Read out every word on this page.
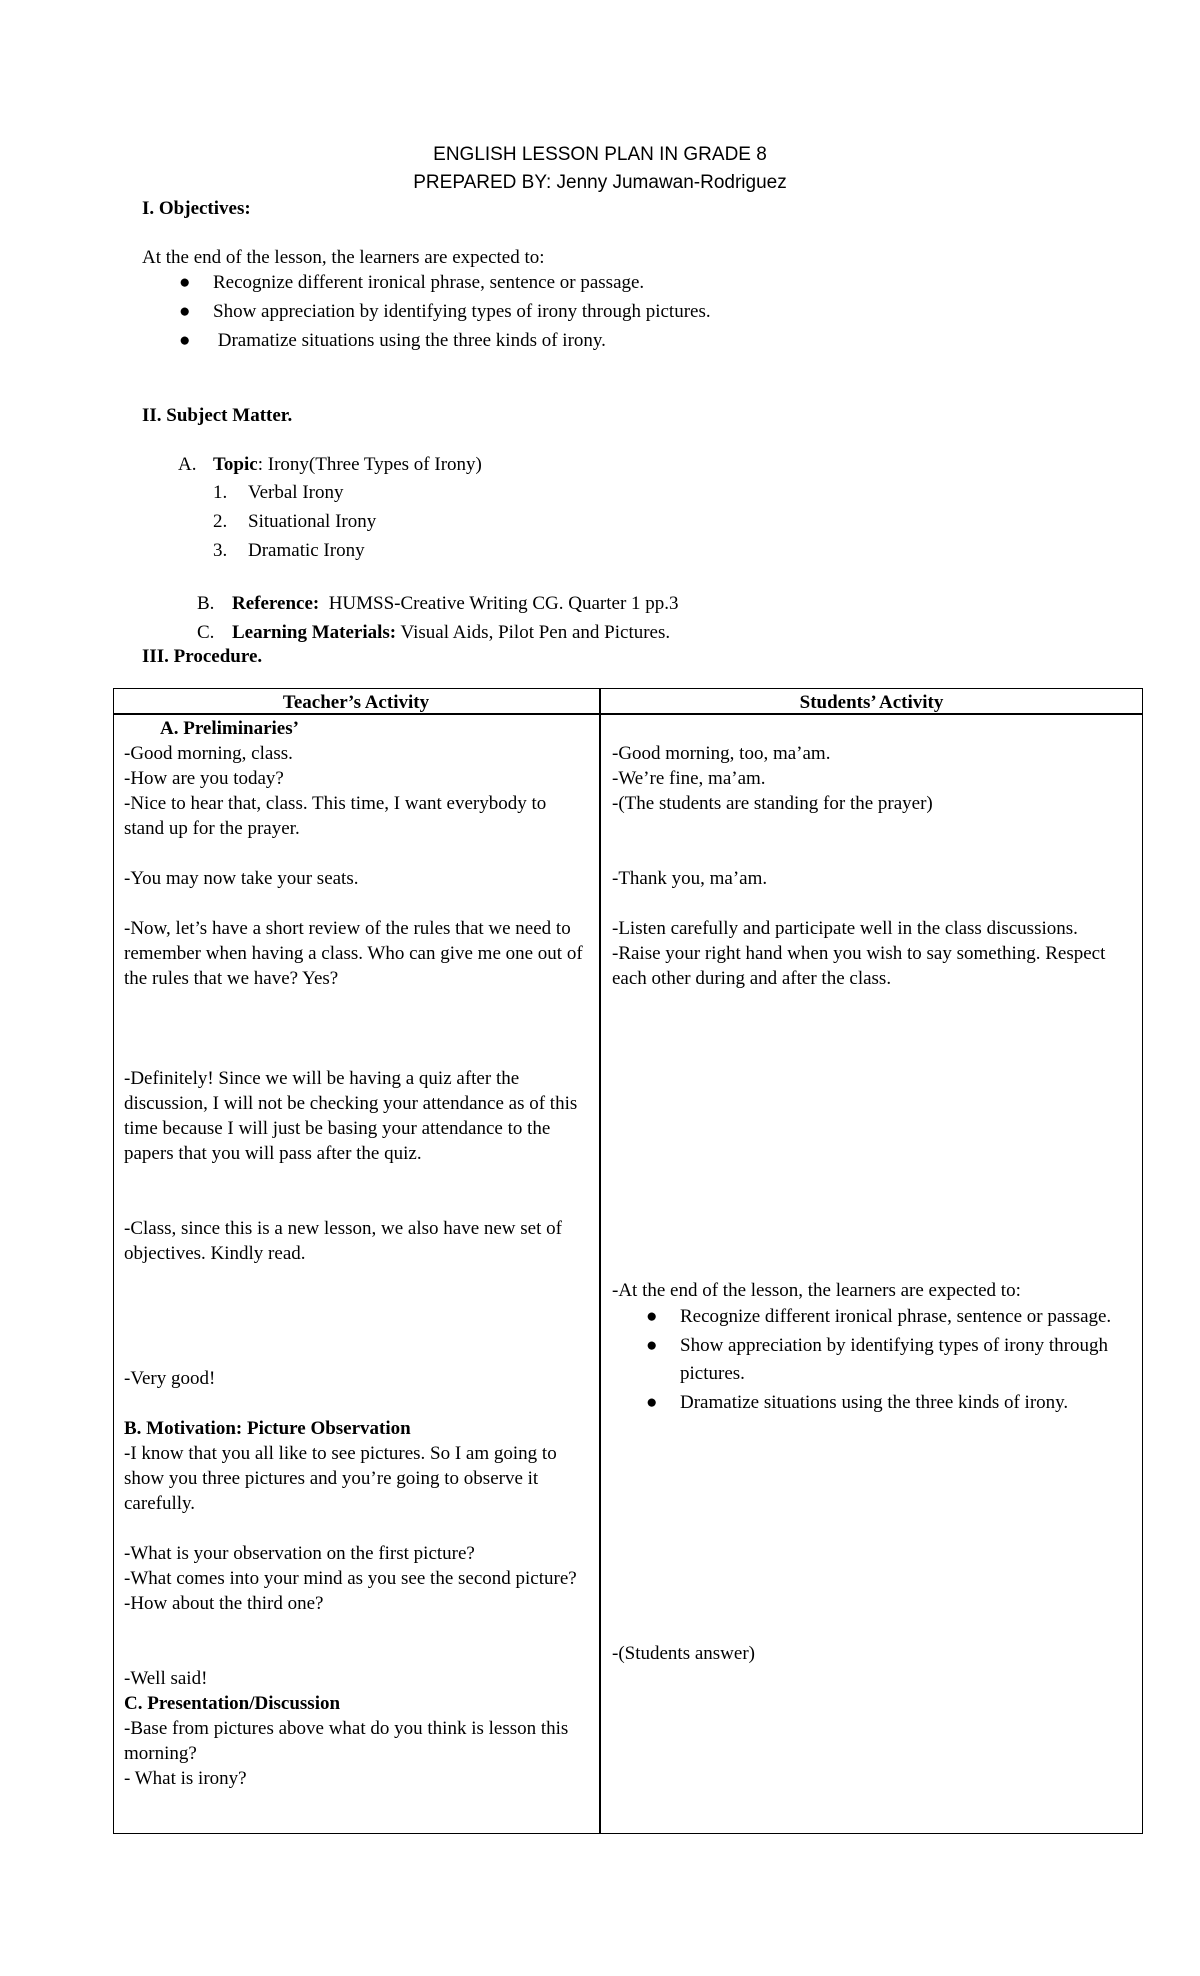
ENGLISH LESSON PLAN IN GRADE 8
PREPARED BY: Jenny Jumawan-Rodriguez
I. Objectives:
At the end of the lesson, the learners are expected to:
● Recognize different ironical phrase, sentence or passage.
● Show appreciation by identifying types of irony through pictures.
● Dramatize situations using the three kinds of irony.
II. Subject Matter.
A. Topic: Irony(Three Types of Irony)
1. Verbal Irony
2. Situational Irony
3. Dramatic Irony

B. Reference:  HUMSS-Creative Writing CG. Quarter 1 pp.3

C. Learning Materials: Visual Aids, Pilot Pen and Pictures.

III. Procedure.
Teacher’s Activity	Students’ Activity

A. Preliminaries’

-Good morning, class.

-How are you today?

-Nice to hear that, class. This time, I want everybody to stand up for the prayer.

-You may now take your seats.

-Now, let’s have a short review of the rules that we need to remember when having a class. Who can give me one out of the rules that we have? Yes?

-Definitely! Since we will be having a quiz after the discussion, I will not be checking your attendance as of this time because I will just be basing your attendance to the papers that you will pass after the quiz.

-Class, since this is a new lesson, we also have new set of objectives. Kindly read.

-Very good!

B. Motivation: Picture Observation

-I know that you all like to see pictures. So I am going to show you three pictures and you’re going to observe it carefully.

-What is your observation on the first picture?

-What comes into your mind as you see the second picture?

-How about the third one?

-Well said!

C. Presentation/Discussion

-Base from pictures above what do you think is lesson this morning?

- What is irony?

-Good morning, too, ma’am.

-We’re fine, ma’am.

-(The students are standing for the prayer)

-Thank you, ma’am.

-Listen carefully and participate well in the class discussions.

-Raise your right hand when you wish to say something. Respect each other during and after the class.

-At the end of the lesson, the learners are expected to:

● Recognize different ironical phrase, sentence or passage.
● Show appreciation by identifying types of irony through pictures.
● Dramatize situations using the three kinds of irony.

-(Students answer)
